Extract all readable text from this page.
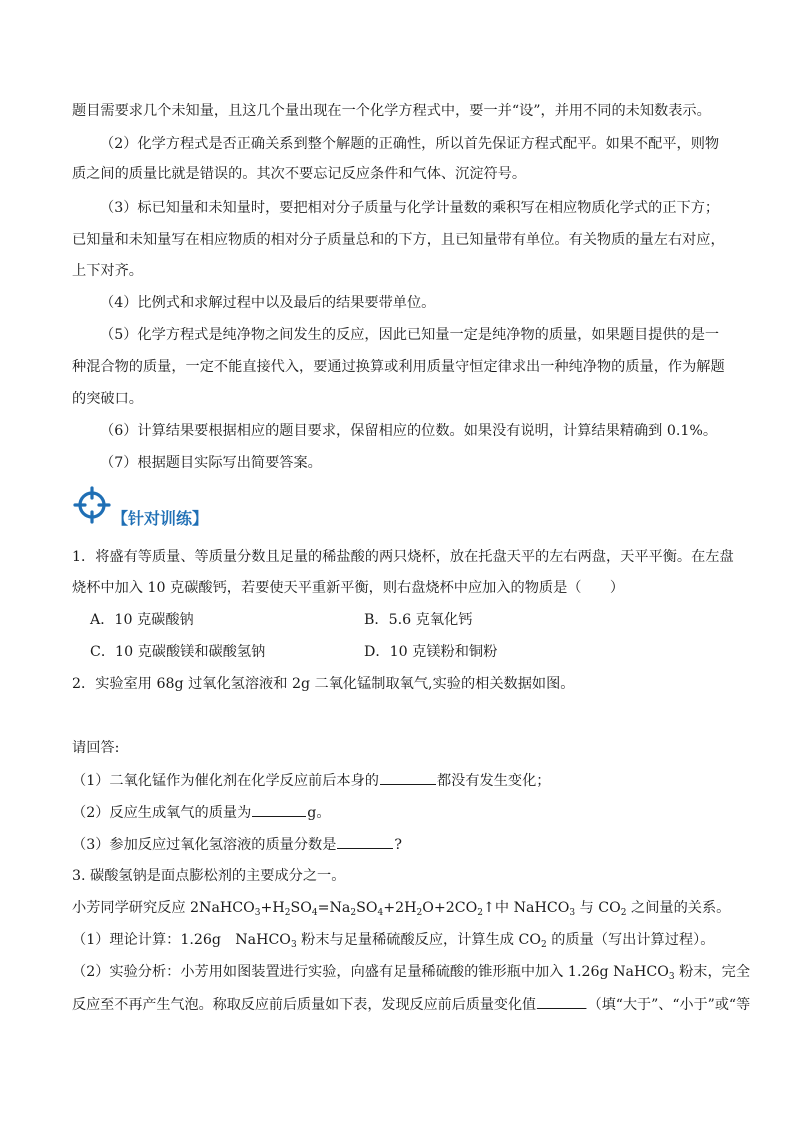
题目需要求几个未知量，且这几个量出现在一个化学方程式中，要一并“设”，并用不同的未知数表示。
（2）化学方程式是否正确关系到整个解题的正确性，所以首先保证方程式配平。如果不配平，则物
质之间的质量比就是错误的。其次不要忘记反应条件和气体、沉淀符号。
（3）标已知量和未知量时，要把相对分子质量与化学计量数的乘积写在相应物质化学式的正下方；
已知量和未知量写在相应物质的相对分子质量总和的下方，且已知量带有单位。有关物质的量左右对应，
上下对齐。
（4）比例式和求解过程中以及最后的结果要带单位。
（5）化学方程式是纯净物之间发生的反应，因此已知量一定是纯净物的质量，如果题目提供的是一
种混合物的质量，一定不能直接代入，要通过换算或利用质量守恒定律求出一种纯净物的质量，作为解题
的突破口。
（6）计算结果要根据相应的题目要求，保留相应的位数。如果没有说明，计算结果精确到 0.1%。
（7）根据题目实际写出简要答案。
【针对训练】
1．将盛有等质量、等质量分数且足量的稀盐酸的两只烧杯，放在托盘天平的左右两盘，天平平衡。在左盘
烧杯中加入 10 克碳酸钙，若要使天平重新平衡，则右盘烧杯中应加入的物质是（　　）
A．10 克碳酸钠	B．5.6 克氧化钙
C．10 克碳酸镁和碳酸氢钠	D．10 克镁粉和铜粉
2．实验室用 68g 过氧化氢溶液和 2g 二氧化锰制取氧气,实验的相关数据如图。
请回答:
（1）二氧化锰作为催化剂在化学反应前后本身的	都没有发生变化；
（2）反应生成氧气的质量为	g。
（3）参加反应过氧化氢溶液的质量分数是	?
3. 碳酸氢钠是面点膨松剂的主要成分之一。
小芳同学研究反应 $2NaHCO_3+H_2SO_4=Na_2SO_4+2H_2O+2CO_2↑$中 NaHCO$_3$ 与 $CO_2$ 之间量的关系。
（1）理论计算：1.26g　NaHCO$_3$ 粉末与足量稀硫酸反应，计算生成 $CO_2$ 的质量（写出计算过程）。
（2）实验分析：小芳用如图装置进行实验，向盛有足量稀硫酸的锥形瓶中加入 1.26g NaHCO$_3$ 粉末，完全
反应至不再产生气泡。称取反应前后质量如下表，发现反应前后质量变化值	（填“大于”、“小于”或“等
